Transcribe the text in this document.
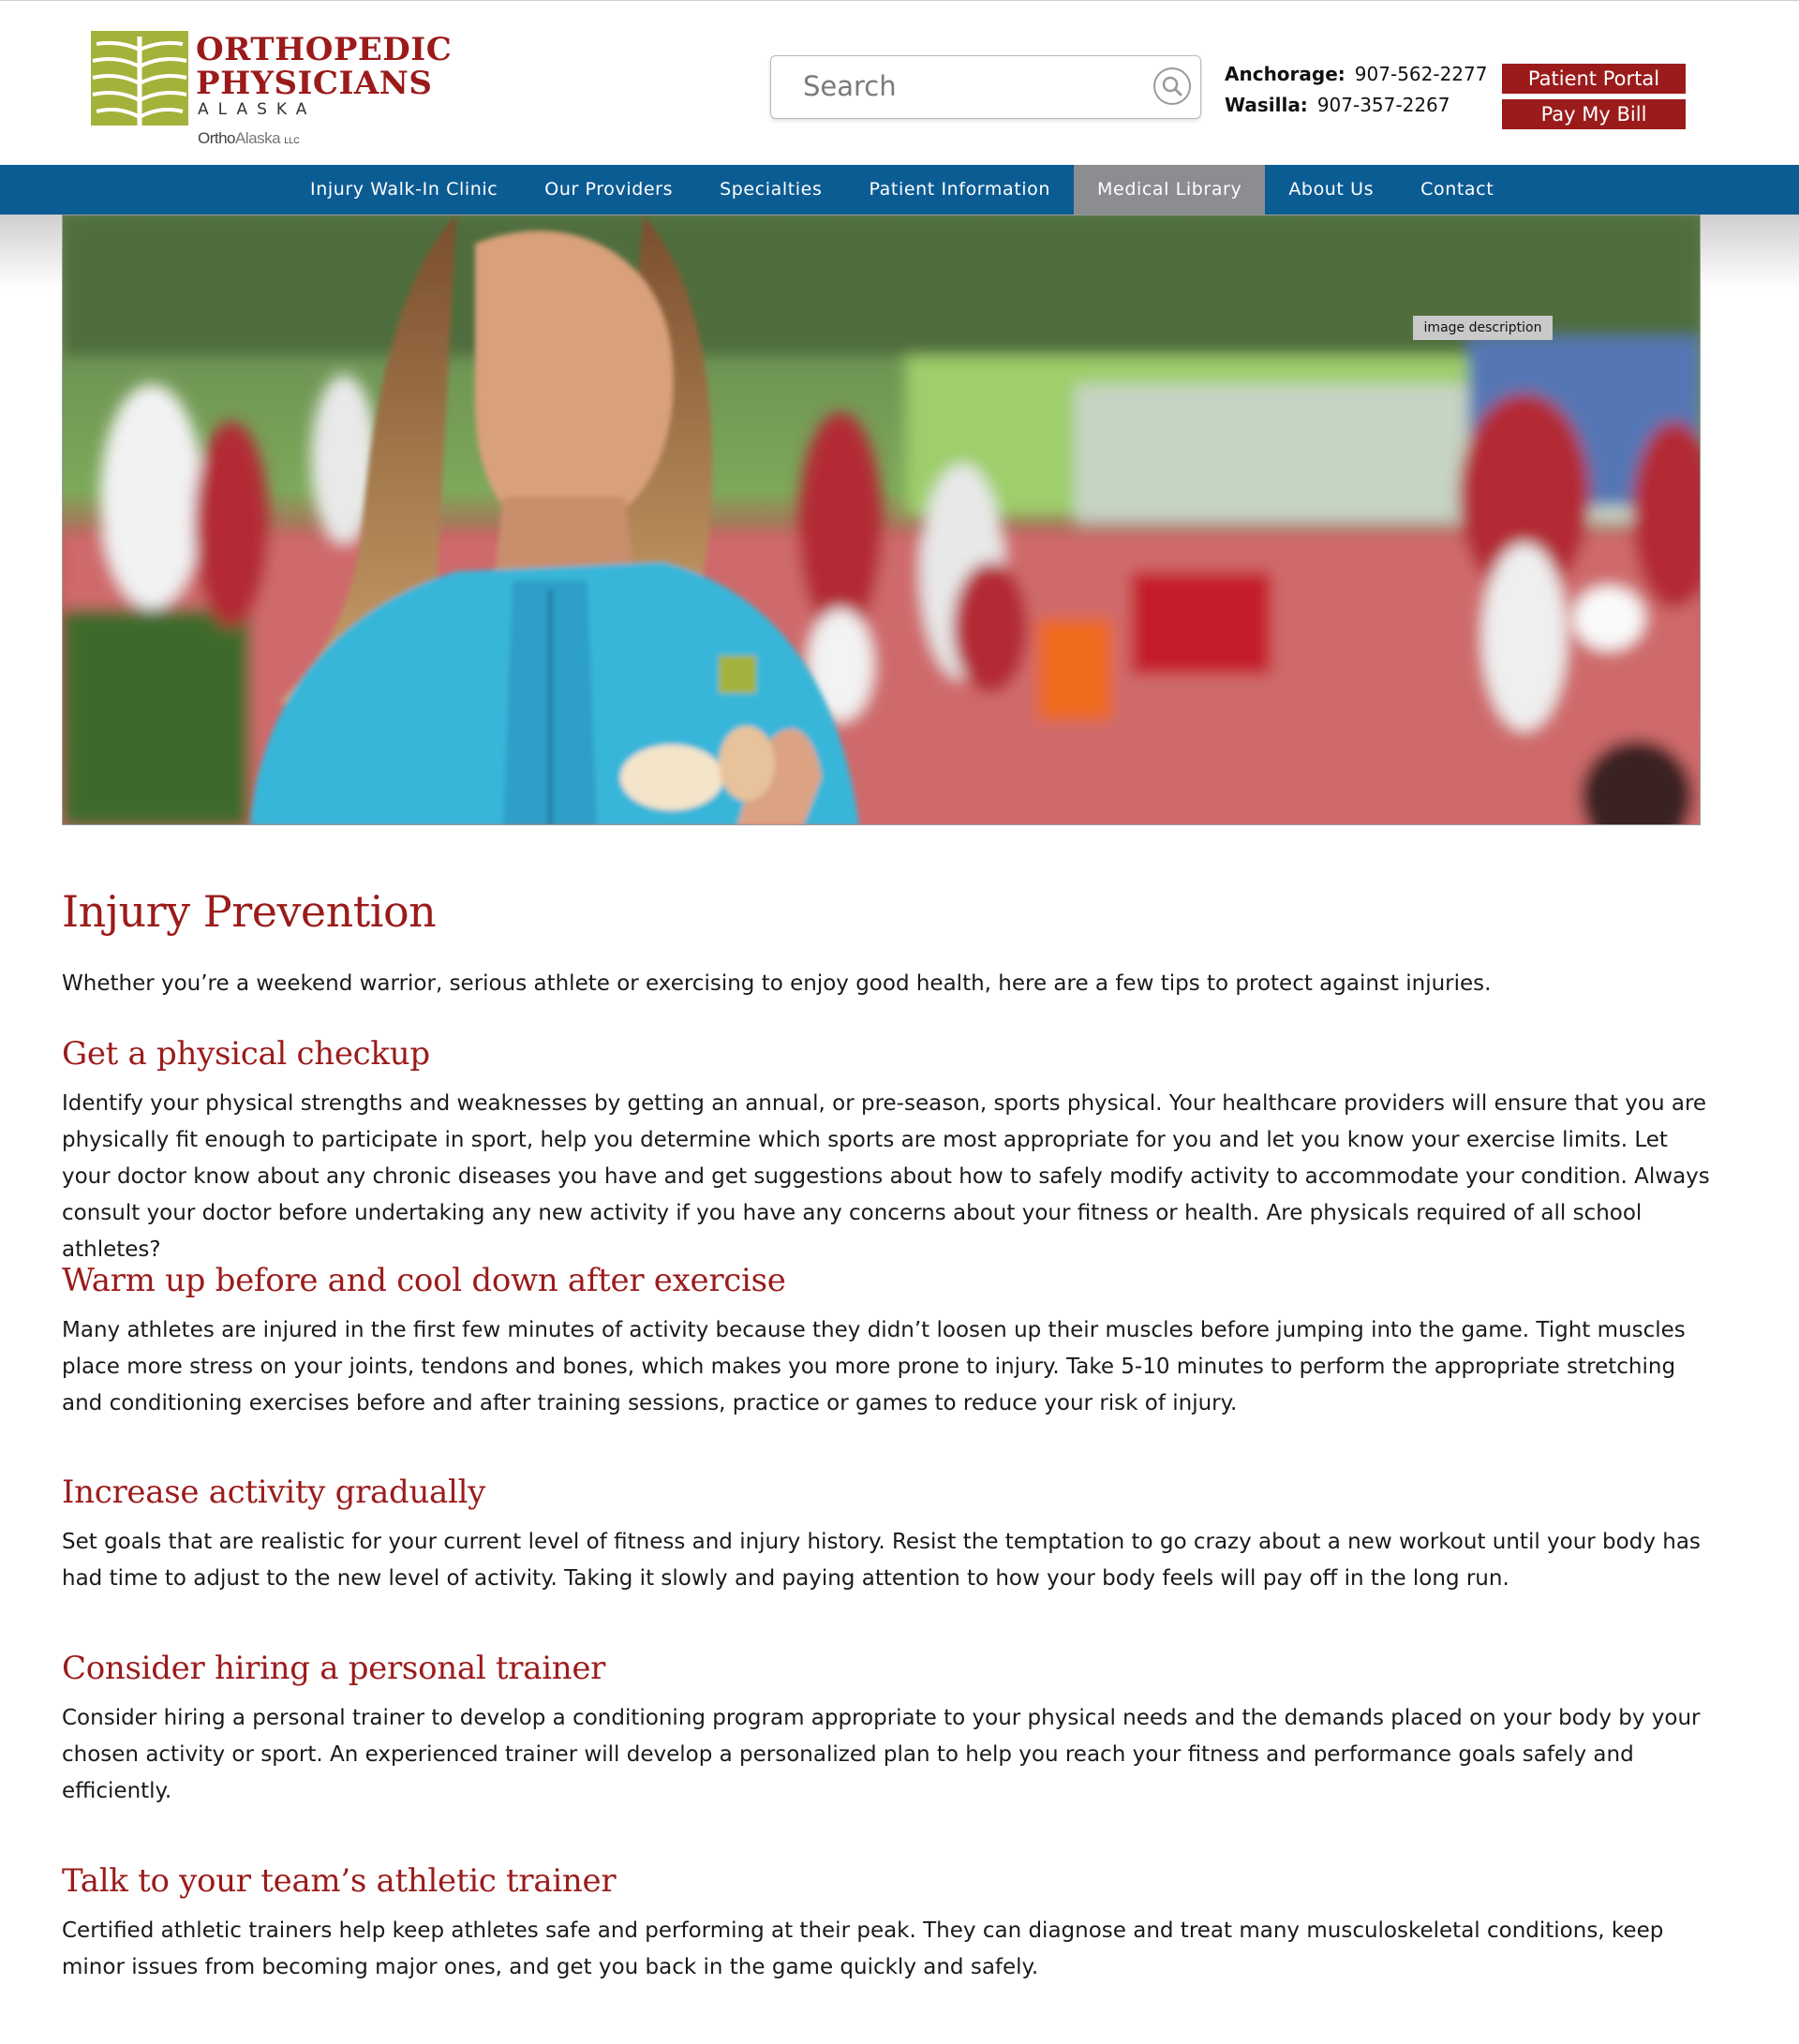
ORTHOPEDIC
PHYSICIANS
ALASKA
OrthoAlaska LLC
Search
Anchorage: 907-562-2277
Wasilla: 907-357-2267
Patient Portal
Pay My Bill
Injury Walk-In Clinic	Our Providers	Specialties	Patient Information	Medical Library	About Us	Contact
image description
Injury Prevention

Whether you’re a weekend warrior, serious athlete or exercising to enjoy good health, here are a few tips to protect against injuries.

Get a physical checkup

Identify your physical strengths and weaknesses by getting an annual, or pre-season, sports physical. Your healthcare providers will ensure that you are physically fit enough to participate in sport, help you determine which sports are most appropriate for you and let you know your exercise limits. Let your doctor know about any chronic diseases you have and get suggestions about how to safely modify activity to accommodate your condition. Always consult your doctor before undertaking any new activity if you have any concerns about your fitness or health. Are physicals required of all school athletes?

Warm up before and cool down after exercise

Many athletes are injured in the first few minutes of activity because they didn’t loosen up their muscles before jumping into the game. Tight muscles place more stress on your joints, tendons and bones, which makes you more prone to injury. Take 5-10 minutes to perform the appropriate stretching and conditioning exercises before and after training sessions, practice or games to reduce your risk of injury.

Increase activity gradually

Set goals that are realistic for your current level of fitness and injury history. Resist the temptation to go crazy about a new workout until your body has had time to adjust to the new level of activity. Taking it slowly and paying attention to how your body feels will pay off in the long run.

Consider hiring a personal trainer

Consider hiring a personal trainer to develop a conditioning program appropriate to your physical needs and the demands placed on your body by your chosen activity or sport. An experienced trainer will develop a personalized plan to help you reach your fitness and performance goals safely and efficiently.

Talk to your team’s athletic trainer

Certified athletic trainers help keep athletes safe and performing at their peak. They can diagnose and treat many musculoskeletal conditions, keep minor issues from becoming major ones, and get you back in the game quickly and safely.
